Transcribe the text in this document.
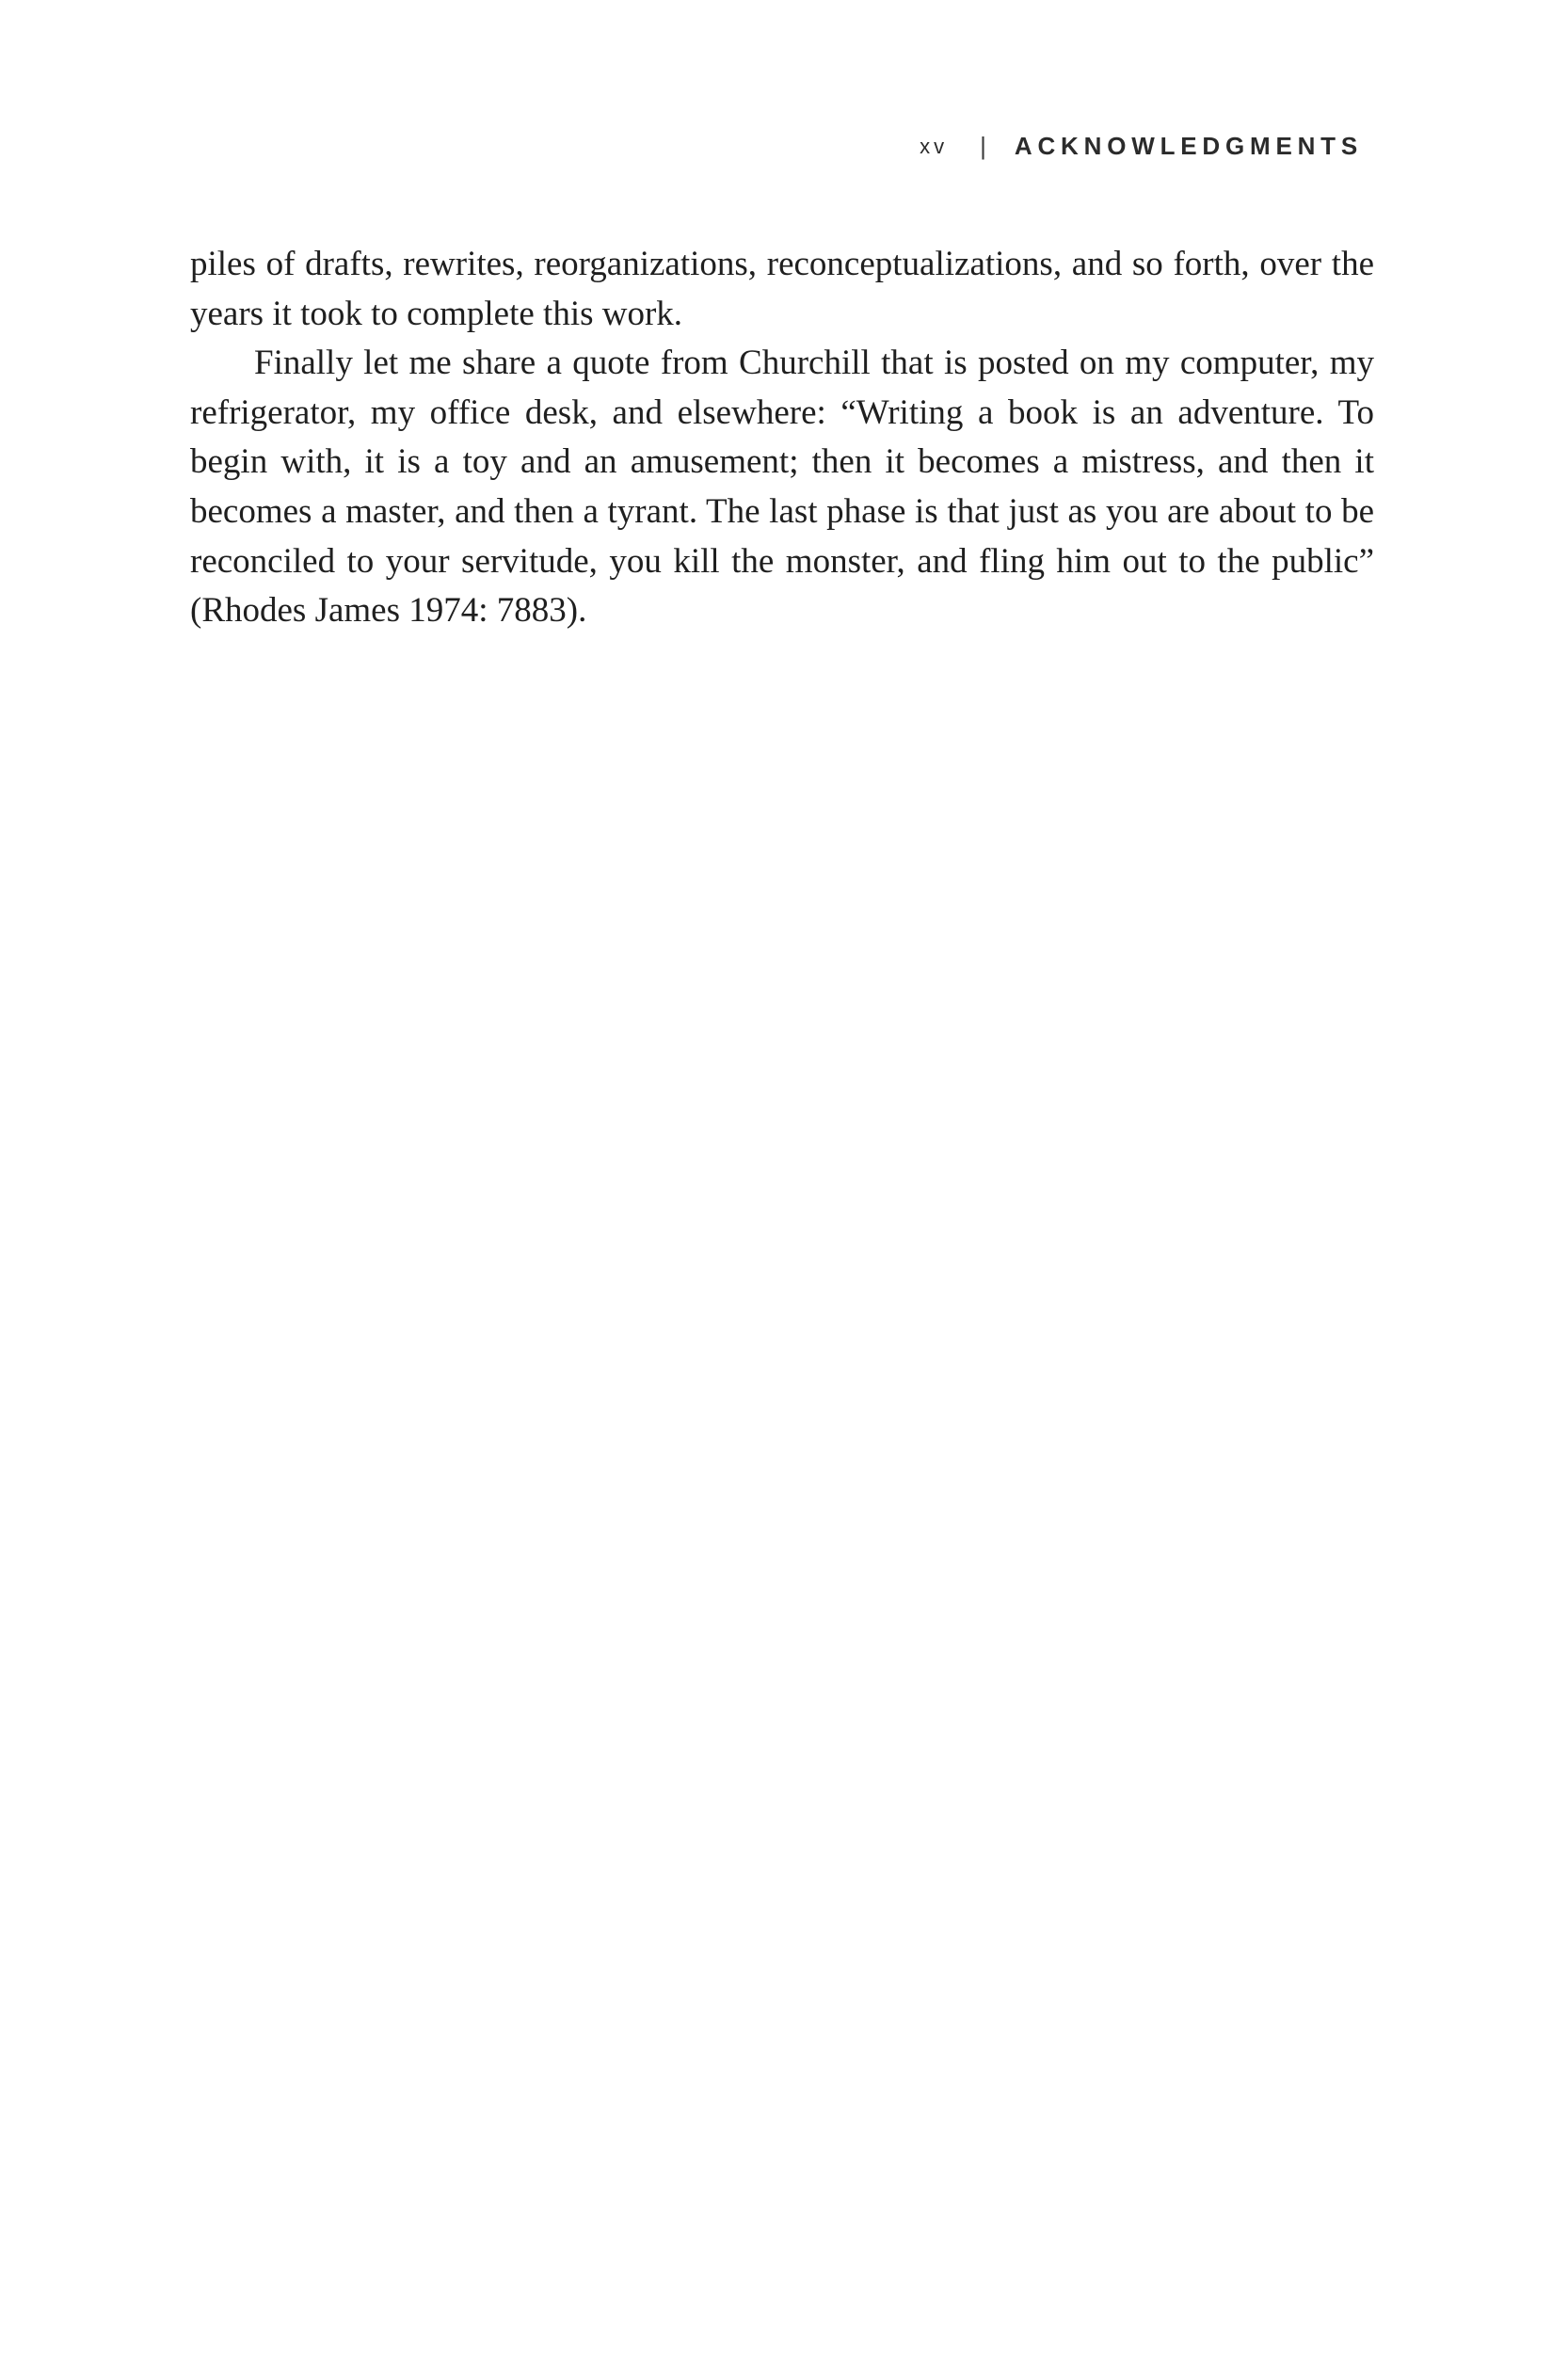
xv | ACKNOWLEDGMENTS

piles of drafts, rewrites, reorganizations, reconceptualizations, and so forth, over the years it took to complete this work.

Finally let me share a quote from Churchill that is posted on my computer, my refrigerator, my office desk, and elsewhere: “Writing a book is an adventure. To begin with, it is a toy and an amusement; then it becomes a mistress, and then it becomes a master, and then a tyrant. The last phase is that just as you are about to be reconciled to your servitude, you kill the monster, and fling him out to the public” (Rhodes James 1974: 7883).
